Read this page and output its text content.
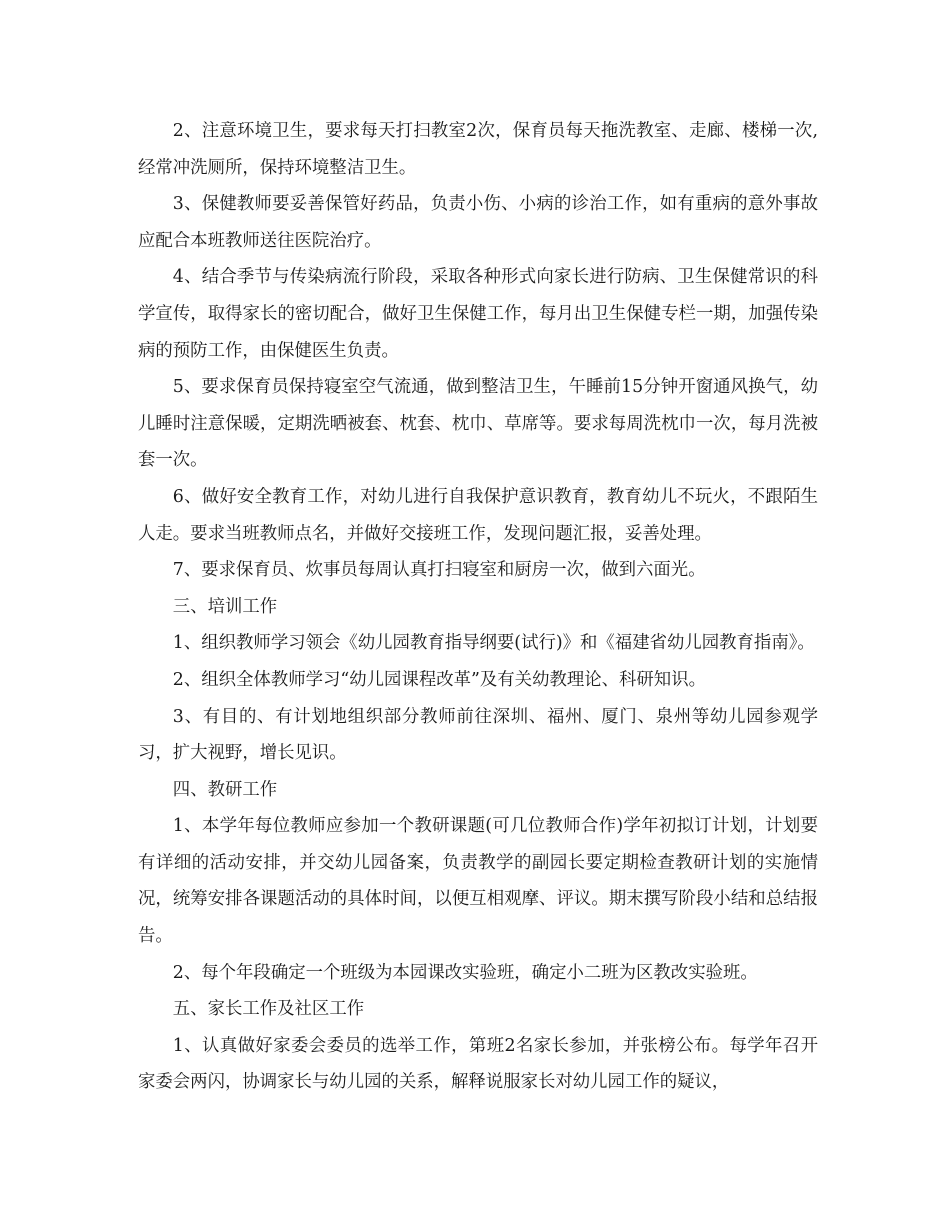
2、注意环境卫生，要求每天打扫教室2次，保育员每天拖洗教室、走廊、楼梯一次,经常冲洗厕所，保持环境整洁卫生。

3、保健教师要妥善保管好药品，负责小伤、小病的诊治工作，如有重病的意外事故应配合本班教师送往医院治疗。

4、结合季节与传染病流行阶段，采取各种形式向家长进行防病、卫生保健常识的科学宣传，取得家长的密切配合，做好卫生保健工作，每月出卫生保健专栏一期，加强传染病的预防工作，由保健医生负责。

5、要求保育员保持寝室空气流通，做到整洁卫生，午睡前15分钟开窗通风换气，幼儿睡时注意保暖，定期洗晒被套、枕套、枕巾、草席等。要求每周洗枕巾一次，每月洗被套一次。

6、做好安全教育工作，对幼儿进行自我保护意识教育，教育幼儿不玩火，不跟陌生人走。要求当班教师点名，并做好交接班工作，发现问题汇报，妥善处理。

7、要求保育员、炊事员每周认真打扫寝室和厨房一次，做到六面光。

三、培训工作

1、组织教师学习领会《幼儿园教育指导纲要(试行)》和《福建省幼儿园教育指南》。

2、组织全体教师学习“幼儿园课程改革”及有关幼教理论、科研知识。

3、有目的、有计划地组织部分教师前往深圳、福州、厦门、泉州等幼儿园参观学习，扩大视野，增长见识。

四、教研工作

1、本学年每位教师应参加一个教研课题(可几位教师合作)学年初拟订计划，计划要有详细的活动安排，并交幼儿园备案，负责教学的副园长要定期检查教研计划的实施情况，统筹安排各课题活动的具体时间，以便互相观摩、评议。期末撰写阶段小结和总结报告。

2、每个年段确定一个班级为本园课改实验班，确定小二班为区教改实验班。

五、家长工作及社区工作

1、认真做好家委会委员的选举工作，第班2名家长参加，并张榜公布。每学年召开家委会两闪，协调家长与幼儿园的关系，解释说服家长对幼儿园工作的疑议，
